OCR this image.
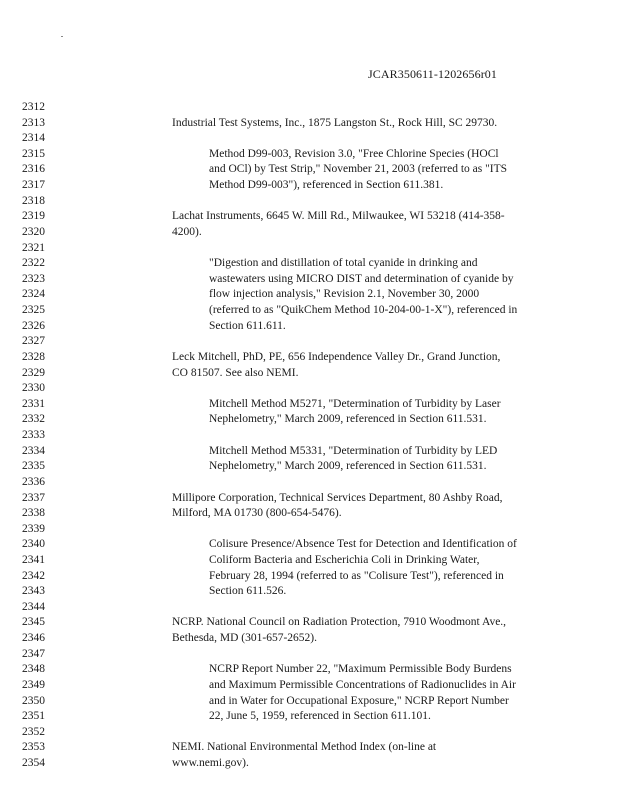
JCAR350611-1202656r01
2312
2313
2314
2315
2316
2317
2318
2319
2320
2321
2322
2323
2324
2325
2326
2327
2328
2329
2330
2331
2332
2333
2334
2335
2336
2337
2338
2339
2340
2341
2342
2343
2344
2345
2346
2347
2348
2349
2350
2351
2352
2353
2354
Industrial Test Systems, Inc., 1875 Langston St., Rock Hill, SC 29730.
Method D99-003, Revision 3.0, "Free Chlorine Species (HOCl
and OCl) by Test Strip," November 21, 2003 (referred to as "ITS
Method D99-003"), referenced in Section 611.381.
Lachat Instruments, 6645 W. Mill Rd., Milwaukee, WI 53218 (414-358-
4200).
"Digestion and distillation of total cyanide in drinking and
wastewaters using MICRO DIST and determination of cyanide by
flow injection analysis," Revision 2.1, November 30, 2000
(referred to as "QuikChem Method 10-204-00-1-X"), referenced in
Section 611.611.
Leck Mitchell, PhD, PE, 656 Independence Valley Dr., Grand Junction,
CO 81507. See also NEMI.
Mitchell Method M5271, "Determination of Turbidity by Laser
Nephelometry," March 2009, referenced in Section 611.531.
Mitchell Method M5331, "Determination of Turbidity by LED
Nephelometry," March 2009, referenced in Section 611.531.
Millipore Corporation, Technical Services Department, 80 Ashby Road,
Milford, MA 01730 (800-654-5476).
Colisure Presence/Absence Test for Detection and Identification of
Coliform Bacteria and Escherichia Coli in Drinking Water,
February 28, 1994 (referred to as "Colisure Test"), referenced in
Section 611.526.
NCRP. National Council on Radiation Protection, 7910 Woodmont Ave.,
Bethesda, MD (301-657-2652).
NCRP Report Number 22, "Maximum Permissible Body Burdens
and Maximum Permissible Concentrations of Radionuclides in Air
and in Water for Occupational Exposure," NCRP Report Number
22, June 5, 1959, referenced in Section 611.101.
NEMI. National Environmental Method Index (on-line at
www.nemi.gov).
